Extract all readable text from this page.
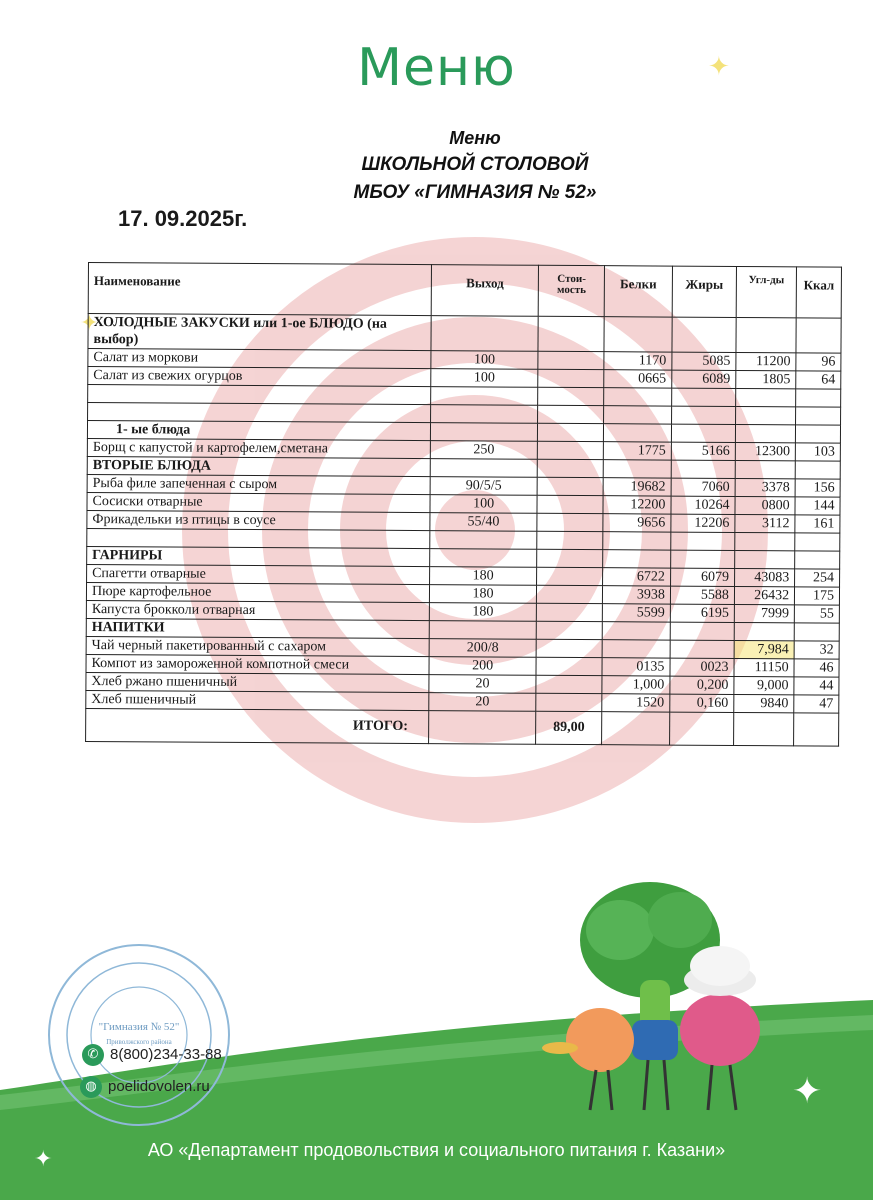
Меню	✦
✦
Меню
ШКОЛЬНОЙ СТОЛОВОЙ
МБОУ «ГИМНАЗИЯ № 52»
17. 09.2025г.
Наименование	Выход	Стои-мость	Белки	Жиры	Угл-ды	Ккал
ХОЛОДНЫЕ ЗАКУСКИ или 1-ое БЛЮДО (на выбор)						
Салат из моркови	100		1170	5085	11200	96
Салат из свежих огурцов	100		0665	6089	1805	64

1- ые блюда						
Борщ с капустой и картофелем,сметана	250		1775	5166	12300	103
ВТОРЫЕ БЛЮДА						
Рыба филе запеченная с сыром	90/5/5		19682	7060	3378	156
Сосиски отварные	100		12200	10264	0800	144
Фрикадельки из птицы в соусе	55/40		9656	12206	3112	161

ГАРНИРЫ						
Спагетти отварные	180		6722	6079	43083	254
Пюре картофельное	180		3938	5588	26432	175
Капуста брокколи отварная	180		5599	6195	7999	55
НАПИТКИ						
Чай черный пакетированный с сахаром	200/8				7,984	32
Компот из замороженной компотной смеси	200		0135	0023	11150	46
Хлеб ржано пшеничный	20		1,000	0,200	9,000	44
Хлеб пшеничный	20		1520	0,160	9840	47
ИТОГО:		89,00				
"Гимназия № 52"
Приволжского района
✆ 8(800)234-33-88
◍ poelidovolen.ru	✦
✦	АО «Департамент продовольствия и социального питания г. Казани»
